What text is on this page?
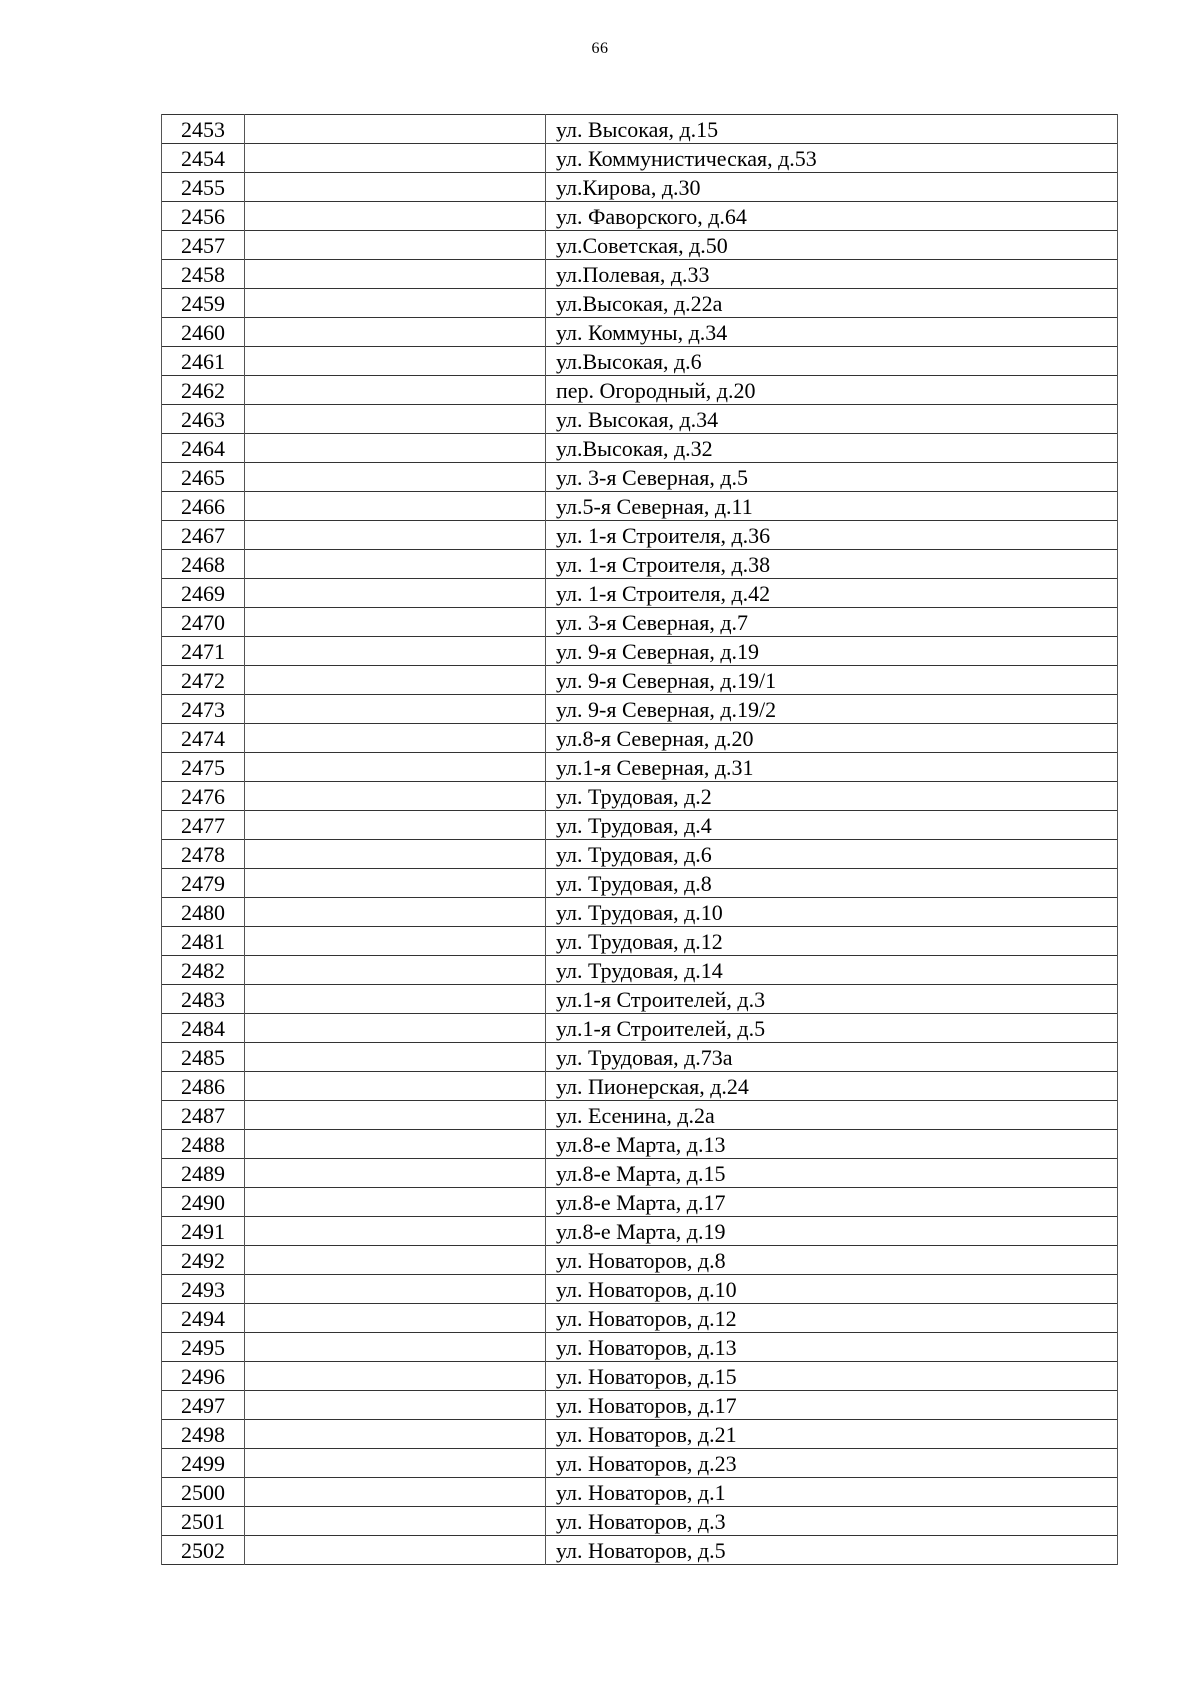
66
2453		ул. Высокая, д.15
2454		ул. Коммунистическая, д.53
2455		ул.Кирова, д.30
2456		ул. Фаворского, д.64
2457		ул.Советская, д.50
2458		ул.Полевая, д.33
2459		ул.Высокая, д.22а
2460		ул. Коммуны, д.34
2461		ул.Высокая, д.6
2462		пер. Огородный, д.20
2463		ул. Высокая, д.34
2464		ул.Высокая, д.32
2465		ул. 3-я Северная, д.5
2466		ул.5-я Северная, д.11
2467		ул. 1-я Строителя, д.36
2468		ул. 1-я Строителя, д.38
2469		ул. 1-я Строителя, д.42
2470		ул. 3-я Северная, д.7
2471		ул. 9-я Северная, д.19
2472		ул. 9-я Северная, д.19/1
2473		ул. 9-я Северная, д.19/2
2474		ул.8-я Северная, д.20
2475		ул.1-я Северная, д.31
2476		ул. Трудовая, д.2
2477		ул. Трудовая, д.4
2478		ул. Трудовая, д.6
2479		ул. Трудовая, д.8
2480		ул. Трудовая, д.10
2481		ул. Трудовая, д.12
2482		ул. Трудовая, д.14
2483		ул.1-я Строителей, д.3
2484		ул.1-я Строителей, д.5
2485		ул. Трудовая, д.73а
2486		ул. Пионерская, д.24
2487		ул. Есенина, д.2а
2488		ул.8-е Марта, д.13
2489		ул.8-е Марта, д.15
2490		ул.8-е Марта, д.17
2491		ул.8-е Марта, д.19
2492		ул. Новаторов, д.8
2493		ул. Новаторов, д.10
2494		ул. Новаторов, д.12
2495		ул. Новаторов, д.13
2496		ул. Новаторов, д.15
2497		ул. Новаторов, д.17
2498		ул. Новаторов, д.21
2499		ул. Новаторов, д.23
2500		ул. Новаторов, д.1
2501		ул. Новаторов, д.3
2502		ул. Новаторов, д.5
